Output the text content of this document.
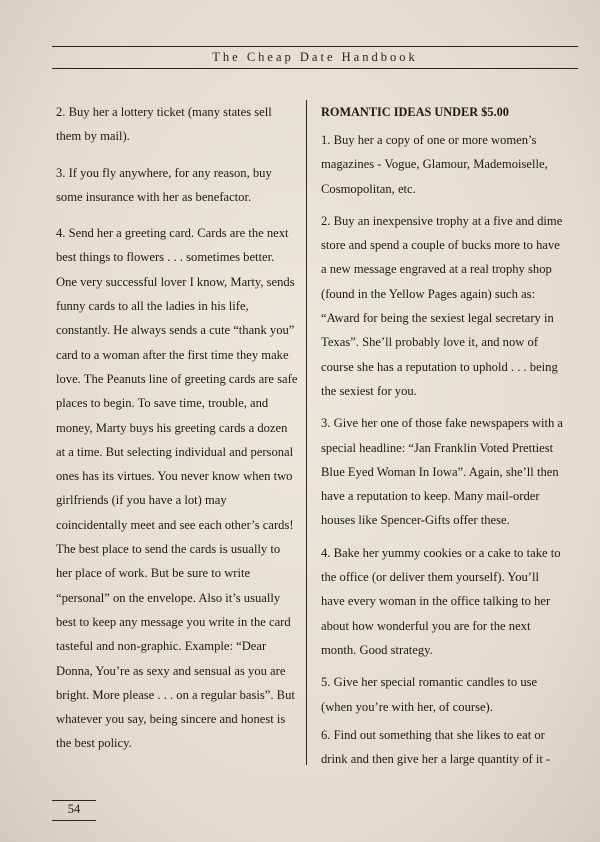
The Cheap Date Handbook

2. Buy her a lottery ticket (many states sell them by mail).

3. If you fly anywhere, for any reason, buy some insurance with her as benefactor.

4. Send her a greeting card. Cards are the next best things to flowers . . . sometimes better. One very successful lover I know, Marty, sends funny cards to all the ladies in his life, constantly. He always sends a cute “thank you” card to a woman after the first time they make love. The Peanuts line of greeting cards are safe places to begin. To save time, trouble, and money, Marty buys his greeting cards a dozen at a time. But selecting individual and personal ones has its virtues. You never know when two girlfriends (if you have a lot) may coincidentally meet and see each other’s cards! The best place to send the cards is usually to her place of work. But be sure to write “personal” on the envelope. Also it’s usually best to keep any message you write in the card tasteful and non-graphic. Example: “Dear Donna, You’re as sexy and sensual as you are bright. More please . . . on a regular basis”. But whatever you say, being sincere and honest is the best policy.

ROMANTIC IDEAS UNDER $5.00

1. Buy her a copy of one or more women’s magazines - Vogue, Glamour, Mademoiselle, Cosmopolitan, etc.

2. Buy an inexpensive trophy at a five and dime store and spend a couple of bucks more to have a new message engraved at a real trophy shop (found in the Yellow Pages again) such as: “Award for being the sexiest legal secretary in Texas”. She’ll probably love it, and now of course she has a reputation to uphold . . . being the sexiest for you.

3. Give her one of those fake newspapers with a special headline: “Jan Franklin Voted Prettiest Blue Eyed Woman In Iowa”. Again, she’ll then have a reputation to keep. Many mail-order houses like Spencer-Gifts offer these.

4. Bake her yummy cookies or a cake to take to the office (or deliver them yourself). You’ll have every woman in the office talking to her about how wonderful you are for the next month. Good strategy.

5. Give her special romantic candles to use (when you’re with her, of course).

6. Find out something that she likes to eat or drink and then give her a large quantity of it -

54
